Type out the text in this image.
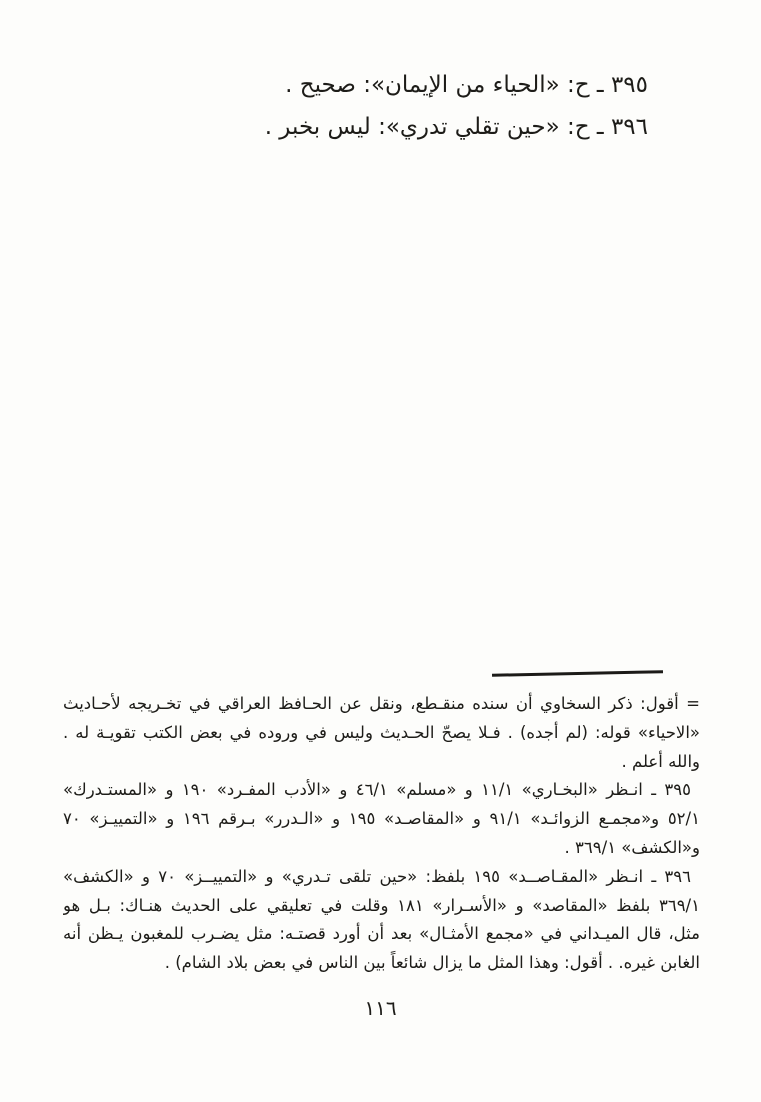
٣٩٥ ـ ح: «الحياء من الإيمان»: صحيح .
٣٩٦ ـ ح: «حين تقلي تدري»: ليس بخبر .
= أقول: ذكر السخاوي أن سنده منقـطع، ونقل عن الحـافظ العراقي في تخـريجه لأحـاديث
«الاحياء» قوله: (لم أجده) . فـلا يصحّ الحـديث وليس في وروده في بعض الكتب تقويـة له .
والله أعلم .
٣٩٥ ـ انـظر «البخـاري» ١١/١ و «مسلم» ٤٦/١ و «الأدب المفـرد» ١٩٠ و «المستـدرك»
٥٢/١ و«مجمـع الزوائـد» ٩١/١ و «المقاصـد» ١٩٥ و «الـدرر» بـرقم ١٩٦ و «التمييـز» ٧٠
و«الكشف» ٣٦٩/١ .
٣٩٦ ـ انـظر «المقـاصــد» ١٩٥ بلفظ: «حين تلقى تـدري» و «التمييــز» ٧٠ و «الكشف»
٣٦٩/١ بلفظ «المقاصد» و «الأسـرار» ١٨١ وقلت في تعليقي على الحديث هنـاك: بـل هو
مثل، قال الميـداني في «مجمع الأمثـال» بعد أن أورد قصتـه: مثل يضـرب للمغبون يـظن أنه
الغابن غيره. . أقول: وهذا المثل ما يزال شائعاً بين الناس في بعض بلاد الشام) .
١١٦
